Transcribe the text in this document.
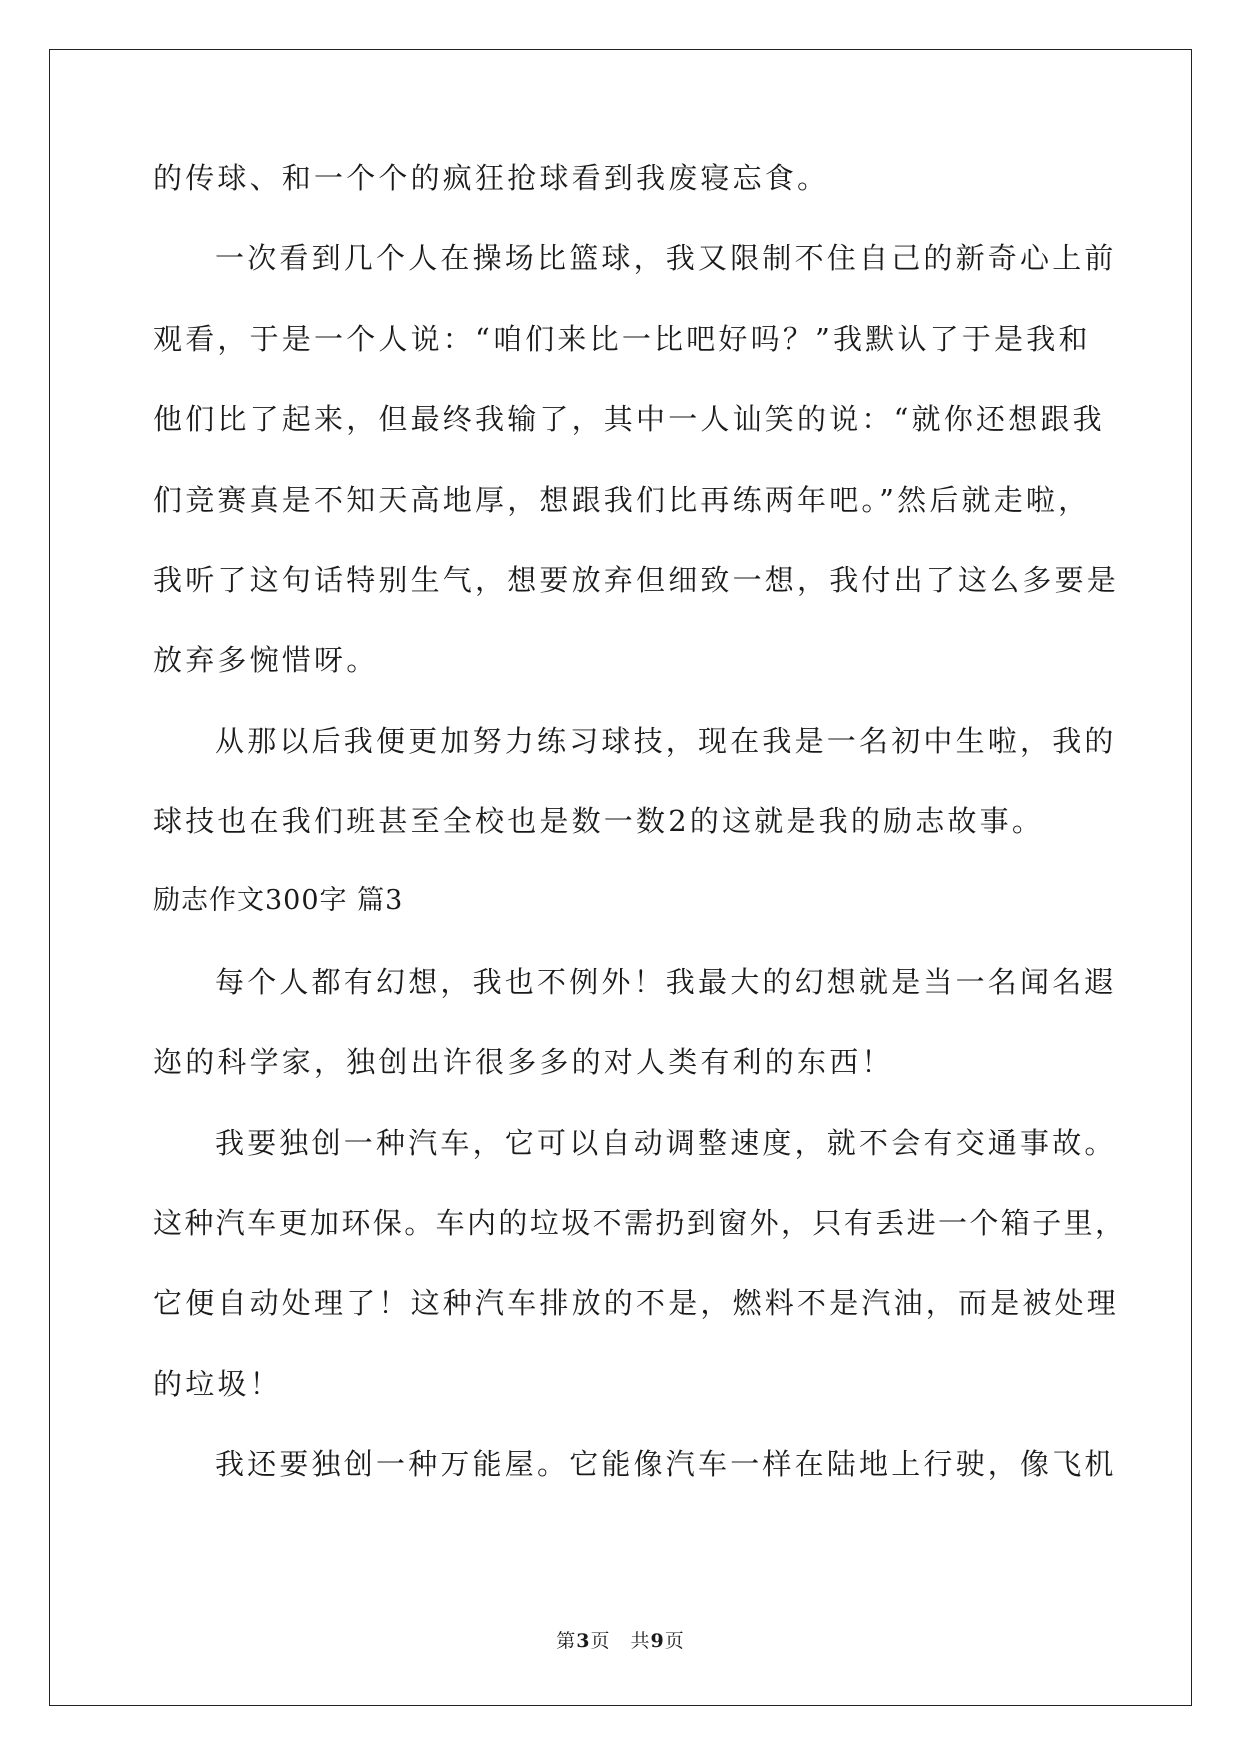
的传球、和一个个的疯狂抢球看到我废寝忘食。
一次看到几个人在操场比篮球，我又限制不住自己的新奇心上前
观看，于是一个人说：“咱们来比一比吧好吗？”我默认了于是我和
他们比了起来，但最终我输了，其中一人讪笑的说：“就你还想跟我
们竞赛真是不知天高地厚，想跟我们比再练两年吧。”然后就走啦，
我听了这句话特别生气，想要放弃但细致一想，我付出了这么多要是
放弃多惋惜呀。
从那以后我便更加努力练习球技，现在我是一名初中生啦，我的
球技也在我们班甚至全校也是数一数2的这就是我的励志故事。
励志作文300字 篇3
每个人都有幻想，我也不例外！我最大的幻想就是当一名闻名遐
迩的科学家，独创出许很多多的对人类有利的东西！
我要独创一种汽车，它可以自动调整速度，就不会有交通事故。
这种汽车更加环保。车内的垃圾不需扔到窗外，只有丢进一个箱子里，
它便自动处理了！这种汽车排放的不是，燃料不是汽油，而是被处理
的垃圾！
我还要独创一种万能屋。它能像汽车一样在陆地上行驶，像飞机
第3页　共9页
